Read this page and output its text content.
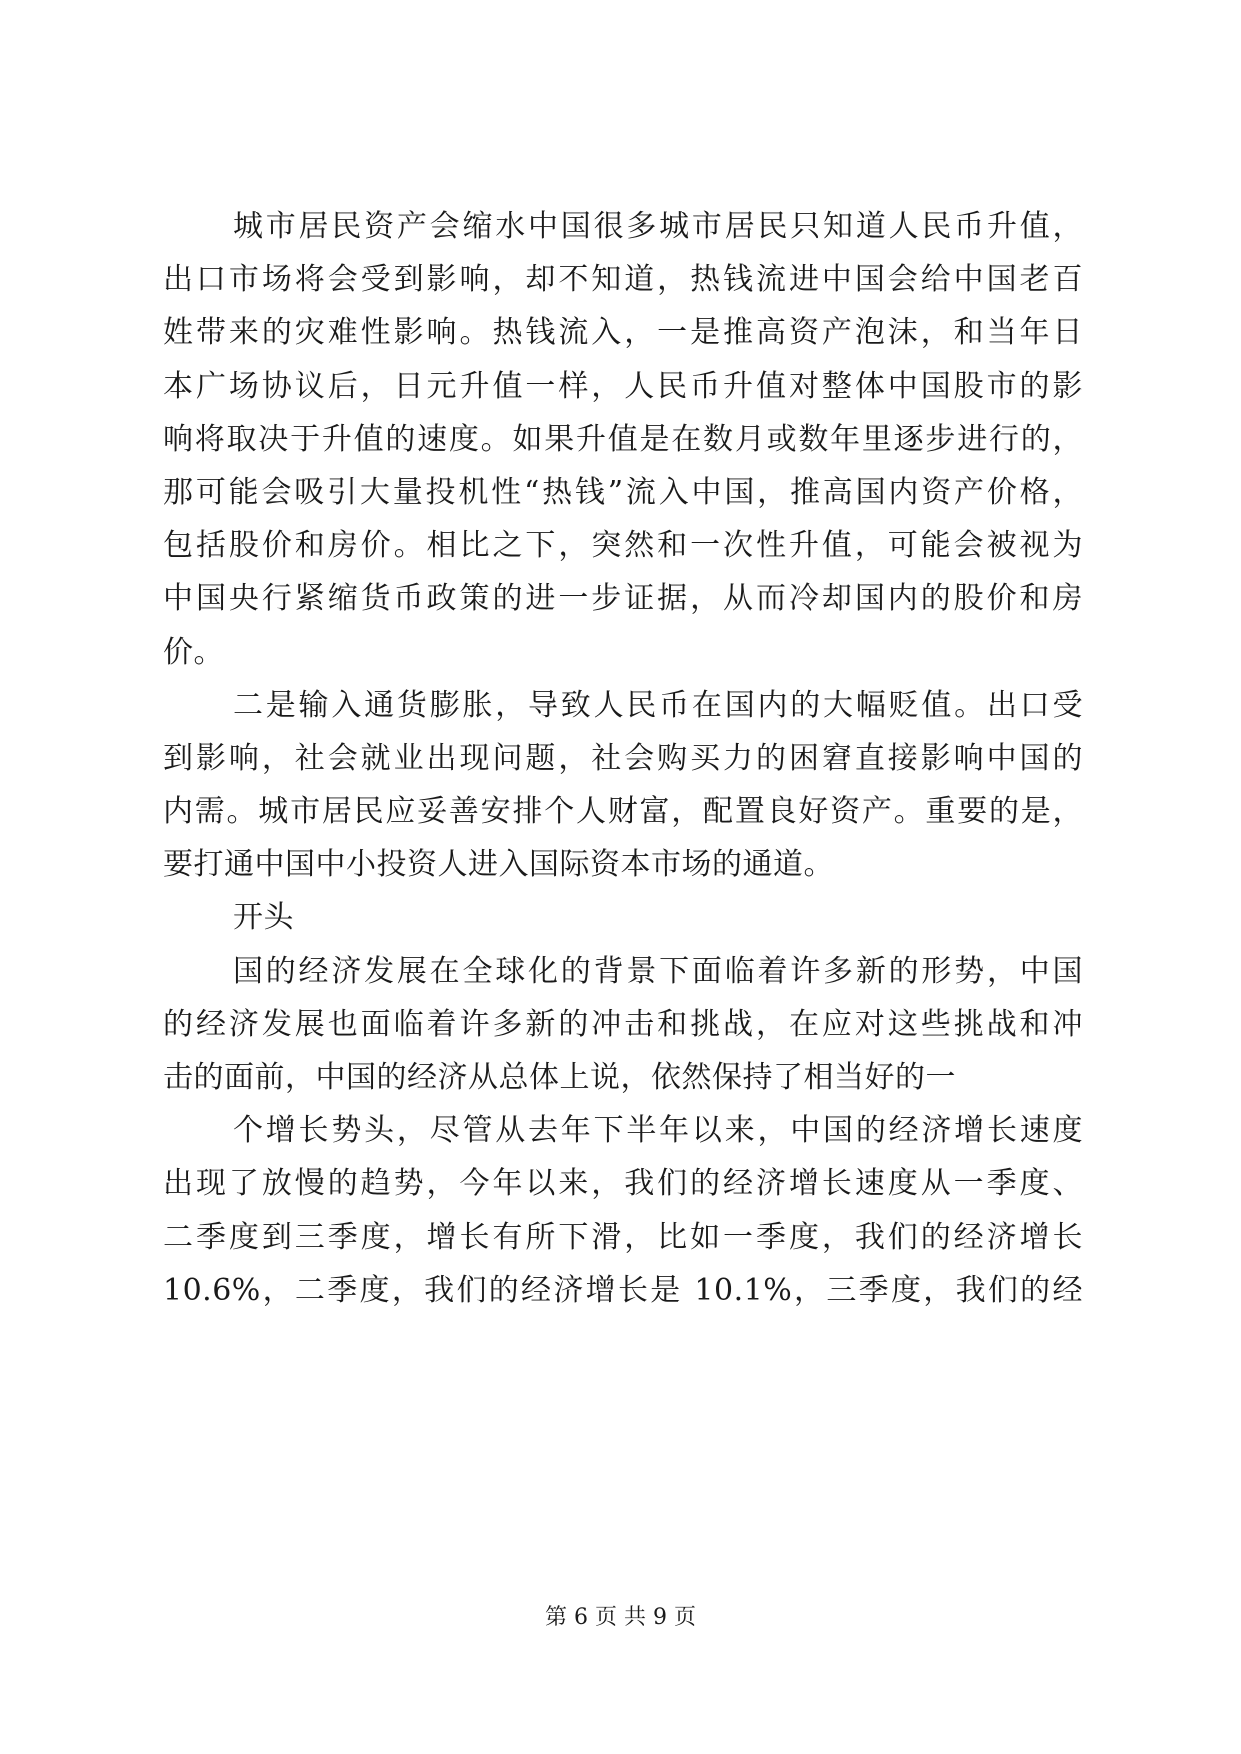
城市居民资产会缩水中国很多城市居民只知道人民币升值，
出口市场将会受到影响，却不知道，热钱流进中国会给中国老百
姓带来的灾难性影响。热钱流入，一是推高资产泡沫，和当年日
本广场协议后，日元升值一样，人民币升值对整体中国股市的影
响将取决于升值的速度。如果升值是在数月或数年里逐步进行的，
那可能会吸引大量投机性“热钱”流入中国，推高国内资产价格，
包括股价和房价。相比之下，突然和一次性升值，可能会被视为
中国央行紧缩货币政策的进一步证据，从而冷却国内的股价和房
价。
二是输入通货膨胀，导致人民币在国内的大幅贬值。出口受
到影响，社会就业出现问题，社会购买力的困窘直接影响中国的
内需。城市居民应妥善安排个人财富，配置良好资产。重要的是，
要打通中国中小投资人进入国际资本市场的通道。
开头
国的经济发展在全球化的背景下面临着许多新的形势，中国
的经济发展也面临着许多新的冲击和挑战，在应对这些挑战和冲
击的面前，中国的经济从总体上说，依然保持了相当好的一
个增长势头，尽管从去年下半年以来，中国的经济增长速度
出现了放慢的趋势，今年以来，我们的经济增长速度从一季度、
二季度到三季度，增长有所下滑，比如一季度，我们的经济增长
10.6%，二季度，我们的经济增长是 10.1%，三季度，我们的经
第 6 页 共 9 页
